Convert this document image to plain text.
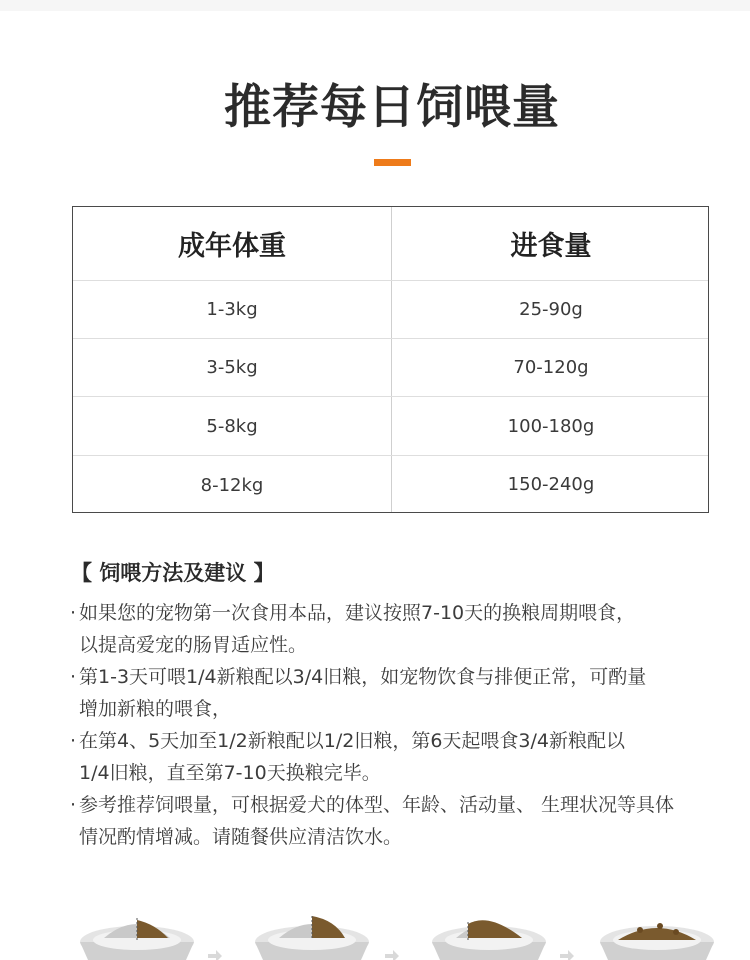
推荐每日饲喂量
成年体重	进食量
1-3kg	25-90g
3-5kg	70-120g
5-8kg	100-180g
8-12kg	150-240g
【 饲喂方法及建议 】
· 如果您的宠物第一次食用本品，建议按照7-10天的换粮周期喂食，
以提高爱宠的肠胃适应性。
· 第1-3天可喂1/4新粮配以3/4旧粮，如宠物饮食与排便正常，可酌量
增加新粮的喂食，
· 在第4、5天加至1/2新粮配以1/2旧粮，第6天起喂食3/4新粮配以
1/4旧粮，直至第7-10天换粮完毕。
· 参考推荐饲喂量，可根据爱犬的体型、年龄、活动量、 生理状况等具体
情况酌情增减。请随餐供应清洁饮水。
